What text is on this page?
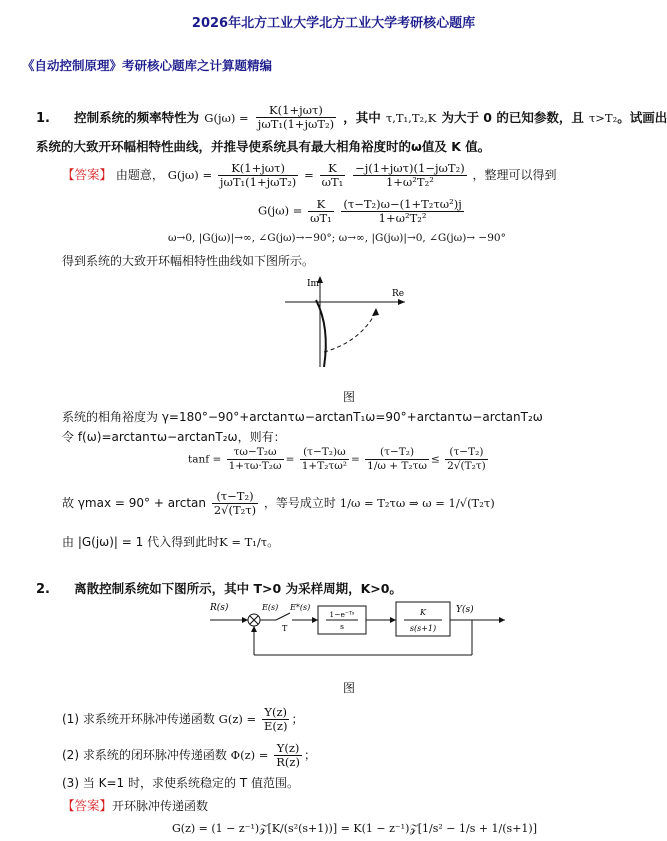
2026年北方工业大学北方工业大学考研核心题库
《自动控制原理》考研核心题库之计算题精编
1. 控制系统的频率特性为 $G(j\omega) = \frac{\text{K(1+jωτ)}}{\text{jωT₁(1+jωT₂)}}$ ，其中 τ,T₁,T₂,K 为大于 0 的已知参数，且 τ>T₂。试画出
系统的大致开环幅相特性曲线，并推导使系统具有最大相角裕度时的ω值及 K 值。
【答案】 由题意， $G(j\omega) = \frac{\text{K(1+jωτ)}}{\text{jωT₁(1+jωT₂)}} = \frac{K}{\text{ωT₁}}$
$\frac{\text{−j(1+jωτ)(1−jωT₂)}}{\text{1+ω²T₂²}}$ ，整理可以得到
$G(j\omega) = \frac{K}{\text{ωT₁}}$
$\frac{\text{(τ−T₂)ω−(1+T₂τω²)j}}{\text{1+ω²T₂²}}$
ω→0, |G(jω)|→∞, ∠G(jω)→−90°; ω→∞, |G(jω)|→0, ∠G(jω)→ −90°
得到系统的大致开环幅相特性曲线如下图所示。
Im
Re
图
系统的相角裕度为 γ=180°−90°+arctanτω−arctanT₁ω=90°+arctanτω−arctanT₂ω
令 f(ω)=arctanτω−arctanT₂ω，则有：
$\tan f = \frac{\text{τω−T₂ω}}{\text{1+τω·T₂ω}} = \frac{\text{(τ−T₂)ω}}{\text{1+T₂τω²}} = \frac{\text{(τ−T₂)}}{\text{1/ω + T₂τω}} \le \frac{\text{(τ−T₂)}}{\text{2√(T₂τ)}}$
故 $\gamma\max = 90^\circ + \arctan \frac{\text{(τ−T₂)}}{\text{2√(T₂τ)}}$ ，等号成立时 1/ω = T₂τω ⇒ ω = 1/√(T₂τ)
由 |G(jω)| = 1 代入得到此时K = T₁/τ。
2. 离散控制系统如下图所示，其中 T>0 为采样周期，K>0。
R(s)	E(s)
T
E*(s)
1−e⁻ᵀˢ
s
K
s(s+1)
Y(s)
图
(1) 求系统开环脉冲传递函数 $G(z) = \frac{Y(z)}{E(z)}$ ；
(2) 求系统的闭环脉冲传递函数 $\Phi(z) = \frac{Y(z)}{R(z)}$ ；
(3) 当 K=1 时，求使系统稳定的 T 值范围。
【答案】开环脉冲传递函数
G(z) = (1 − z⁻¹)𝒵[K/(s²(s+1))] = K(1 − z⁻¹)𝒵[1/s² − 1/s + 1/(s+1)]
